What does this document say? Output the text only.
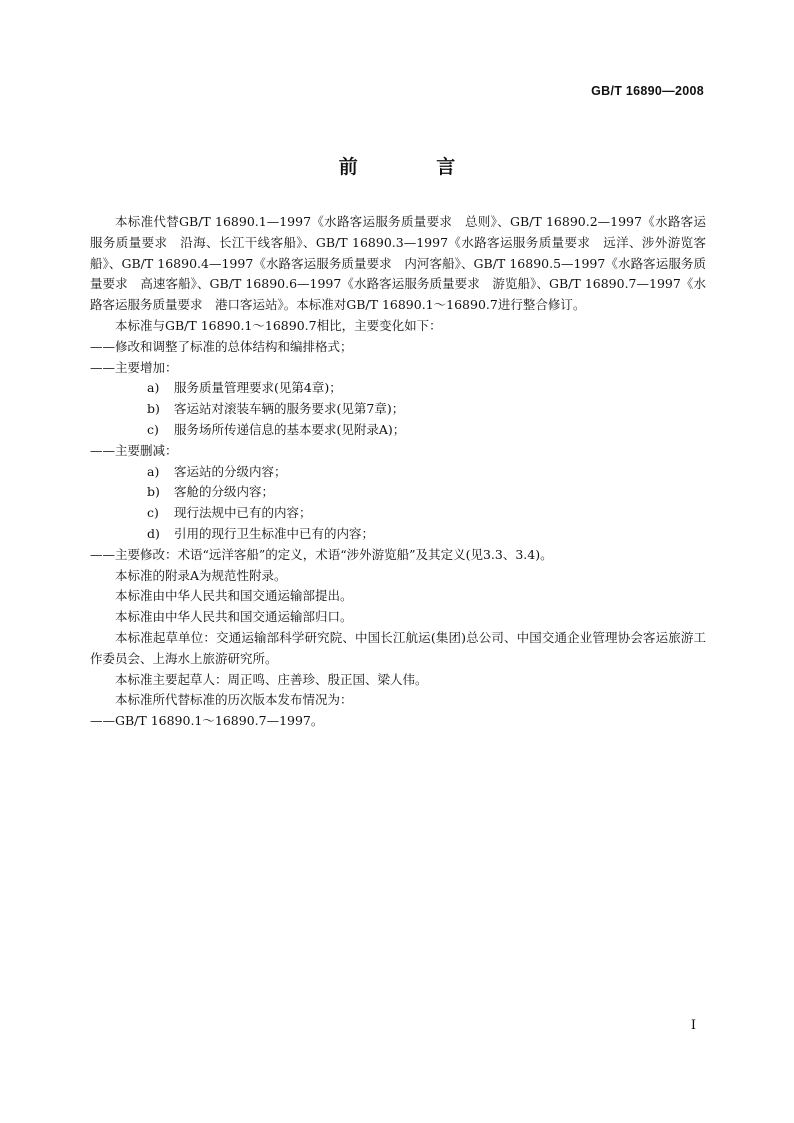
GB/T 16890—2008
前 言

本标准代替GB/T 16890.1—1997《水路客运服务质量要求　总则》、GB/T 16890.2—1997《水路客运服务质量要求　沿海、长江干线客船》、GB/T 16890.3—1997《水路客运服务质量要求　远洋、涉外游览客船》、GB/T 16890.4—1997《水路客运服务质量要求　内河客船》、GB/T 16890.5—1997《水路客运服务质量要求　高速客船》、GB/T 16890.6—1997《水路客运服务质量要求　游览船》、GB/T 16890.7—1997《水路客运服务质量要求　港口客运站》。本标准对GB/T 16890.1～16890.7进行整合修订。

本标准与GB/T 16890.1～16890.7相比，主要变化如下：

——修改和调整了标准的总体结构和编排格式；

——主要增加：

a) 服务质量管理要求(见第4章)；

b) 客运站对滚装车辆的服务要求(见第7章)；

c) 服务场所传递信息的基本要求(见附录A)；

——主要删减：

a) 客运站的分级内容；

b) 客舱的分级内容；

c) 现行法规中已有的内容；

d) 引用的现行卫生标准中已有的内容；

——主要修改：术语“远洋客船”的定义，术语“涉外游览船”及其定义(见3.3、3.4)。

本标准的附录A为规范性附录。

本标准由中华人民共和国交通运输部提出。

本标准由中华人民共和国交通运输部归口。

本标准起草单位：交通运输部科学研究院、中国长江航运(集团)总公司、中国交通企业管理协会客运旅游工作委员会、上海水上旅游研究所。

本标准主要起草人：周正鸣、庄善珍、殷正国、梁人伟。

本标准所代替标准的历次版本发布情况为：

——GB/T 16890.1～16890.7—1997。

I
